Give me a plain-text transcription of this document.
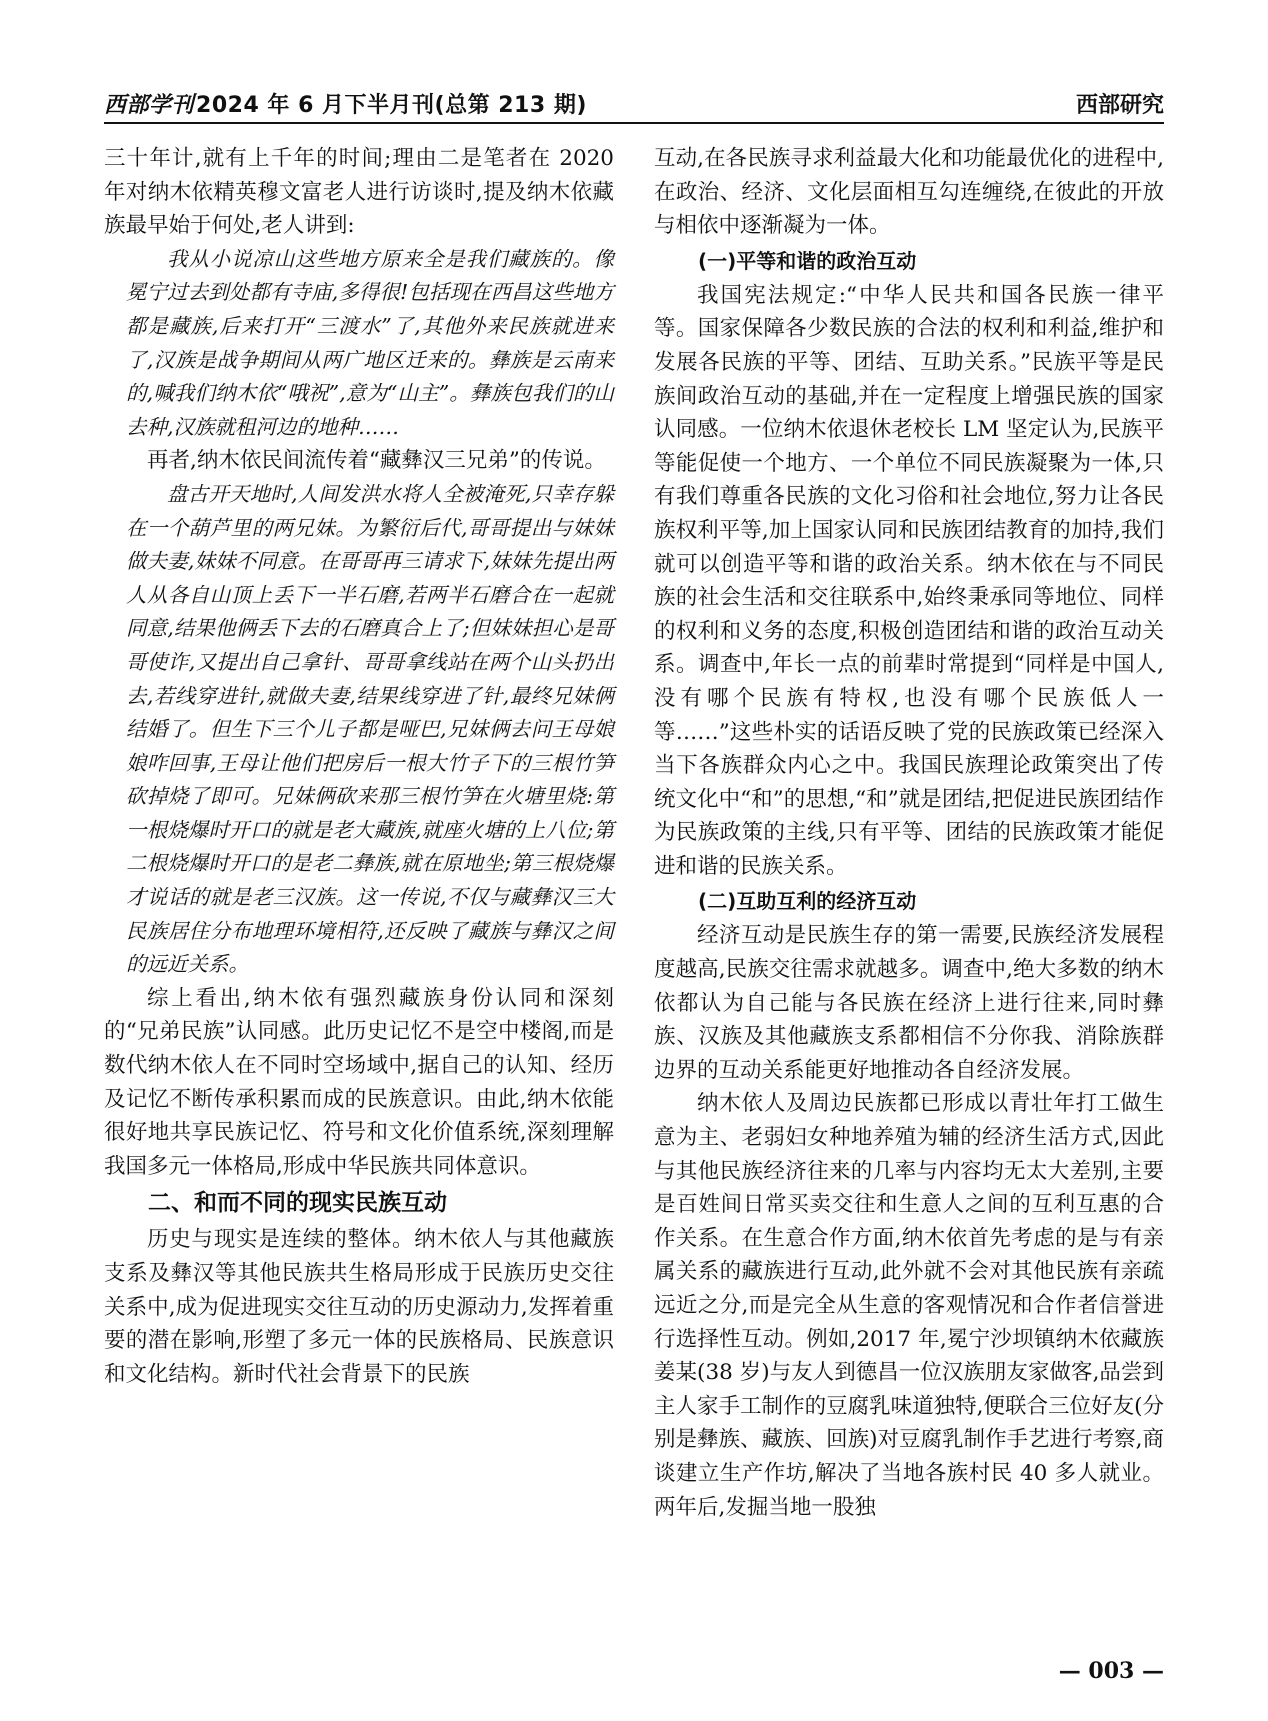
西部学刊2024 年 6 月下半月刊(总第 213 期)	西部研究

三十年计,就有上千年的时间;理由二是笔者在 2020 年对纳木依精英穆文富老人进行访谈时,提及纳木依藏族最早始于何处,老人讲到:

我从小说凉山这些地方原来全是我们藏族的。像冕宁过去到处都有寺庙,多得很!包括现在西昌这些地方都是藏族,后来打开“三渡水”了,其他外来民族就进来了,汉族是战争期间从两广地区迁来的。彝族是云南来的,喊我们纳木依“哦祝”,意为“山主”。彝族包我们的山去种,汉族就租河边的地种……

再者,纳木依民间流传着“藏彝汉三兄弟”的传说。

盘古开天地时,人间发洪水将人全被淹死,只幸存躲在一个葫芦里的两兄妹。为繁衍后代,哥哥提出与妹妹做夫妻,妹妹不同意。在哥哥再三请求下,妹妹先提出两人从各自山顶上丢下一半石磨,若两半石磨合在一起就同意,结果他俩丢下去的石磨真合上了;但妹妹担心是哥哥使诈,又提出自己拿针、哥哥拿线站在两个山头扔出去,若线穿进针,就做夫妻,结果线穿进了针,最终兄妹俩结婚了。但生下三个儿子都是哑巴,兄妹俩去问王母娘娘咋回事,王母让他们把房后一根大竹子下的三根竹笋砍掉烧了即可。兄妹俩砍来那三根竹笋在火塘里烧:第一根烧爆时开口的就是老大藏族,就座火塘的上八位;第二根烧爆时开口的是老二彝族,就在原地坐;第三根烧爆才说话的就是老三汉族。这一传说,不仅与藏彝汉三大民族居住分布地理环境相符,还反映了藏族与彝汉之间的远近关系。

综上看出,纳木依有强烈藏族身份认同和深刻的“兄弟民族”认同感。此历史记忆不是空中楼阁,而是数代纳木依人在不同时空场域中,据自己的认知、经历及记忆不断传承积累而成的民族意识。由此,纳木依能很好地共享民族记忆、符号和文化价值系统,深刻理解我国多元一体格局,形成中华民族共同体意识。

二、和而不同的现实民族互动

历史与现实是连续的整体。纳木依人与其他藏族支系及彝汉等其他民族共生格局形成于民族历史交往关系中,成为促进现实交往互动的历史源动力,发挥着重要的潜在影响,形塑了多元一体的民族格局、民族意识和文化结构。新时代社会背景下的民族

互动,在各民族寻求利益最大化和功能最优化的进程中,在政治、经济、文化层面相互勾连缠绕,在彼此的开放与相依中逐渐凝为一体。

(一)平等和谐的政治互动

我国宪法规定:“中华人民共和国各民族一律平等。国家保障各少数民族的合法的权利和利益,维护和发展各民族的平等、团结、互助关系。”民族平等是民族间政治互动的基础,并在一定程度上增强民族的国家认同感。一位纳木依退休老校长 LM 坚定认为,民族平等能促使一个地方、一个单位不同民族凝聚为一体,只有我们尊重各民族的文化习俗和社会地位,努力让各民族权利平等,加上国家认同和民族团结教育的加持,我们就可以创造平等和谐的政治关系。纳木依在与不同民族的社会生活和交往联系中,始终秉承同等地位、同样的权利和义务的态度,积极创造团结和谐的政治互动关系。调查中,年长一点的前辈时常提到“同样是中国人,没有哪个民族有特权,也没有哪个民族低人一等……”这些朴实的话语反映了党的民族政策已经深入当下各族群众内心之中。我国民族理论政策突出了传统文化中“和”的思想,“和”就是团结,把促进民族团结作为民族政策的主线,只有平等、团结的民族政策才能促进和谐的民族关系。

(二)互助互利的经济互动

经济互动是民族生存的第一需要,民族经济发展程度越高,民族交往需求就越多。调查中,绝大多数的纳木依都认为自己能与各民族在经济上进行往来,同时彝族、汉族及其他藏族支系都相信不分你我、消除族群边界的互动关系能更好地推动各自经济发展。

纳木依人及周边民族都已形成以青壮年打工做生意为主、老弱妇女种地养殖为辅的经济生活方式,因此与其他民族经济往来的几率与内容均无太大差别,主要是百姓间日常买卖交往和生意人之间的互利互惠的合作关系。在生意合作方面,纳木依首先考虑的是与有亲属关系的藏族进行互动,此外就不会对其他民族有亲疏远近之分,而是完全从生意的客观情况和合作者信誉进行选择性互动。例如,2017 年,冕宁沙坝镇纳木依藏族姜某(38 岁)与友人到德昌一位汉族朋友家做客,品尝到主人家手工制作的豆腐乳味道独特,便联合三位好友(分别是彝族、藏族、回族)对豆腐乳制作手艺进行考察,商谈建立生产作坊,解决了当地各族村民 40 多人就业。两年后,发掘当地一股独

— 003 —
